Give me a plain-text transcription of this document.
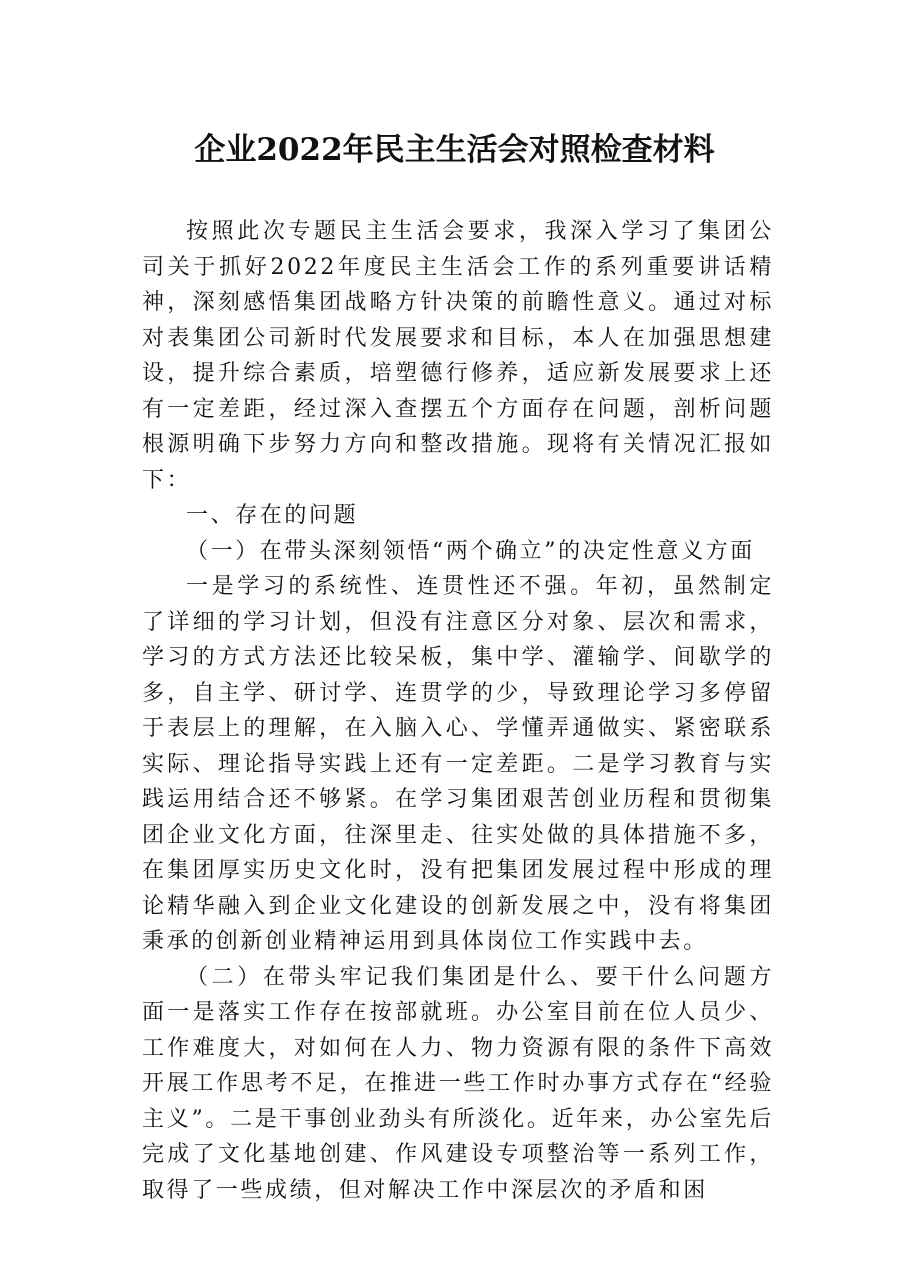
企业2022年民主生活会对照检查材料

按照此次专题民主生活会要求，我深入学习了集团公司关于抓好2022年度民主生活会工作的系列重要讲话精神，深刻感悟集团战略方针决策的前瞻性意义。通过对标对表集团公司新时代发展要求和目标，本人在加强思想建设，提升综合素质，培塑德行修养，适应新发展要求上还有一定差距，经过深入查摆五个方面存在问题，剖析问题根源明确下步努力方向和整改措施。现将有关情况汇报如下：

一、存在的问题

（一）在带头深刻领悟“两个确立”的决定性意义方面

一是学习的系统性、连贯性还不强。年初，虽然制定了详细的学习计划，但没有注意区分对象、层次和需求，学习的方式方法还比较呆板，集中学、灌输学、间歇学的多，自主学、研讨学、连贯学的少，导致理论学习多停留于表层上的理解，在入脑入心、学懂弄通做实、紧密联系实际、理论指导实践上还有一定差距。二是学习教育与实践运用结合还不够紧。在学习集团艰苦创业历程和贯彻集团企业文化方面，往深里走、往实处做的具体措施不多，在集团厚实历史文化时，没有把集团发展过程中形成的理论精华融入到企业文化建设的创新发展之中，没有将集团秉承的创新创业精神运用到具体岗位工作实践中去。

（二）在带头牢记我们集团是什么、要干什么问题方面一是落实工作存在按部就班。办公室目前在位人员少、工作难度大，对如何在人力、物力资源有限的条件下高效开展工作思考不足，在推进一些工作时办事方式存在“经验主义”。二是干事创业劲头有所淡化。近年来，办公室先后完成了文化基地创建、作风建设专项整治等一系列工作，取得了一些成绩，但对解决工作中深层次的矛盾和困
